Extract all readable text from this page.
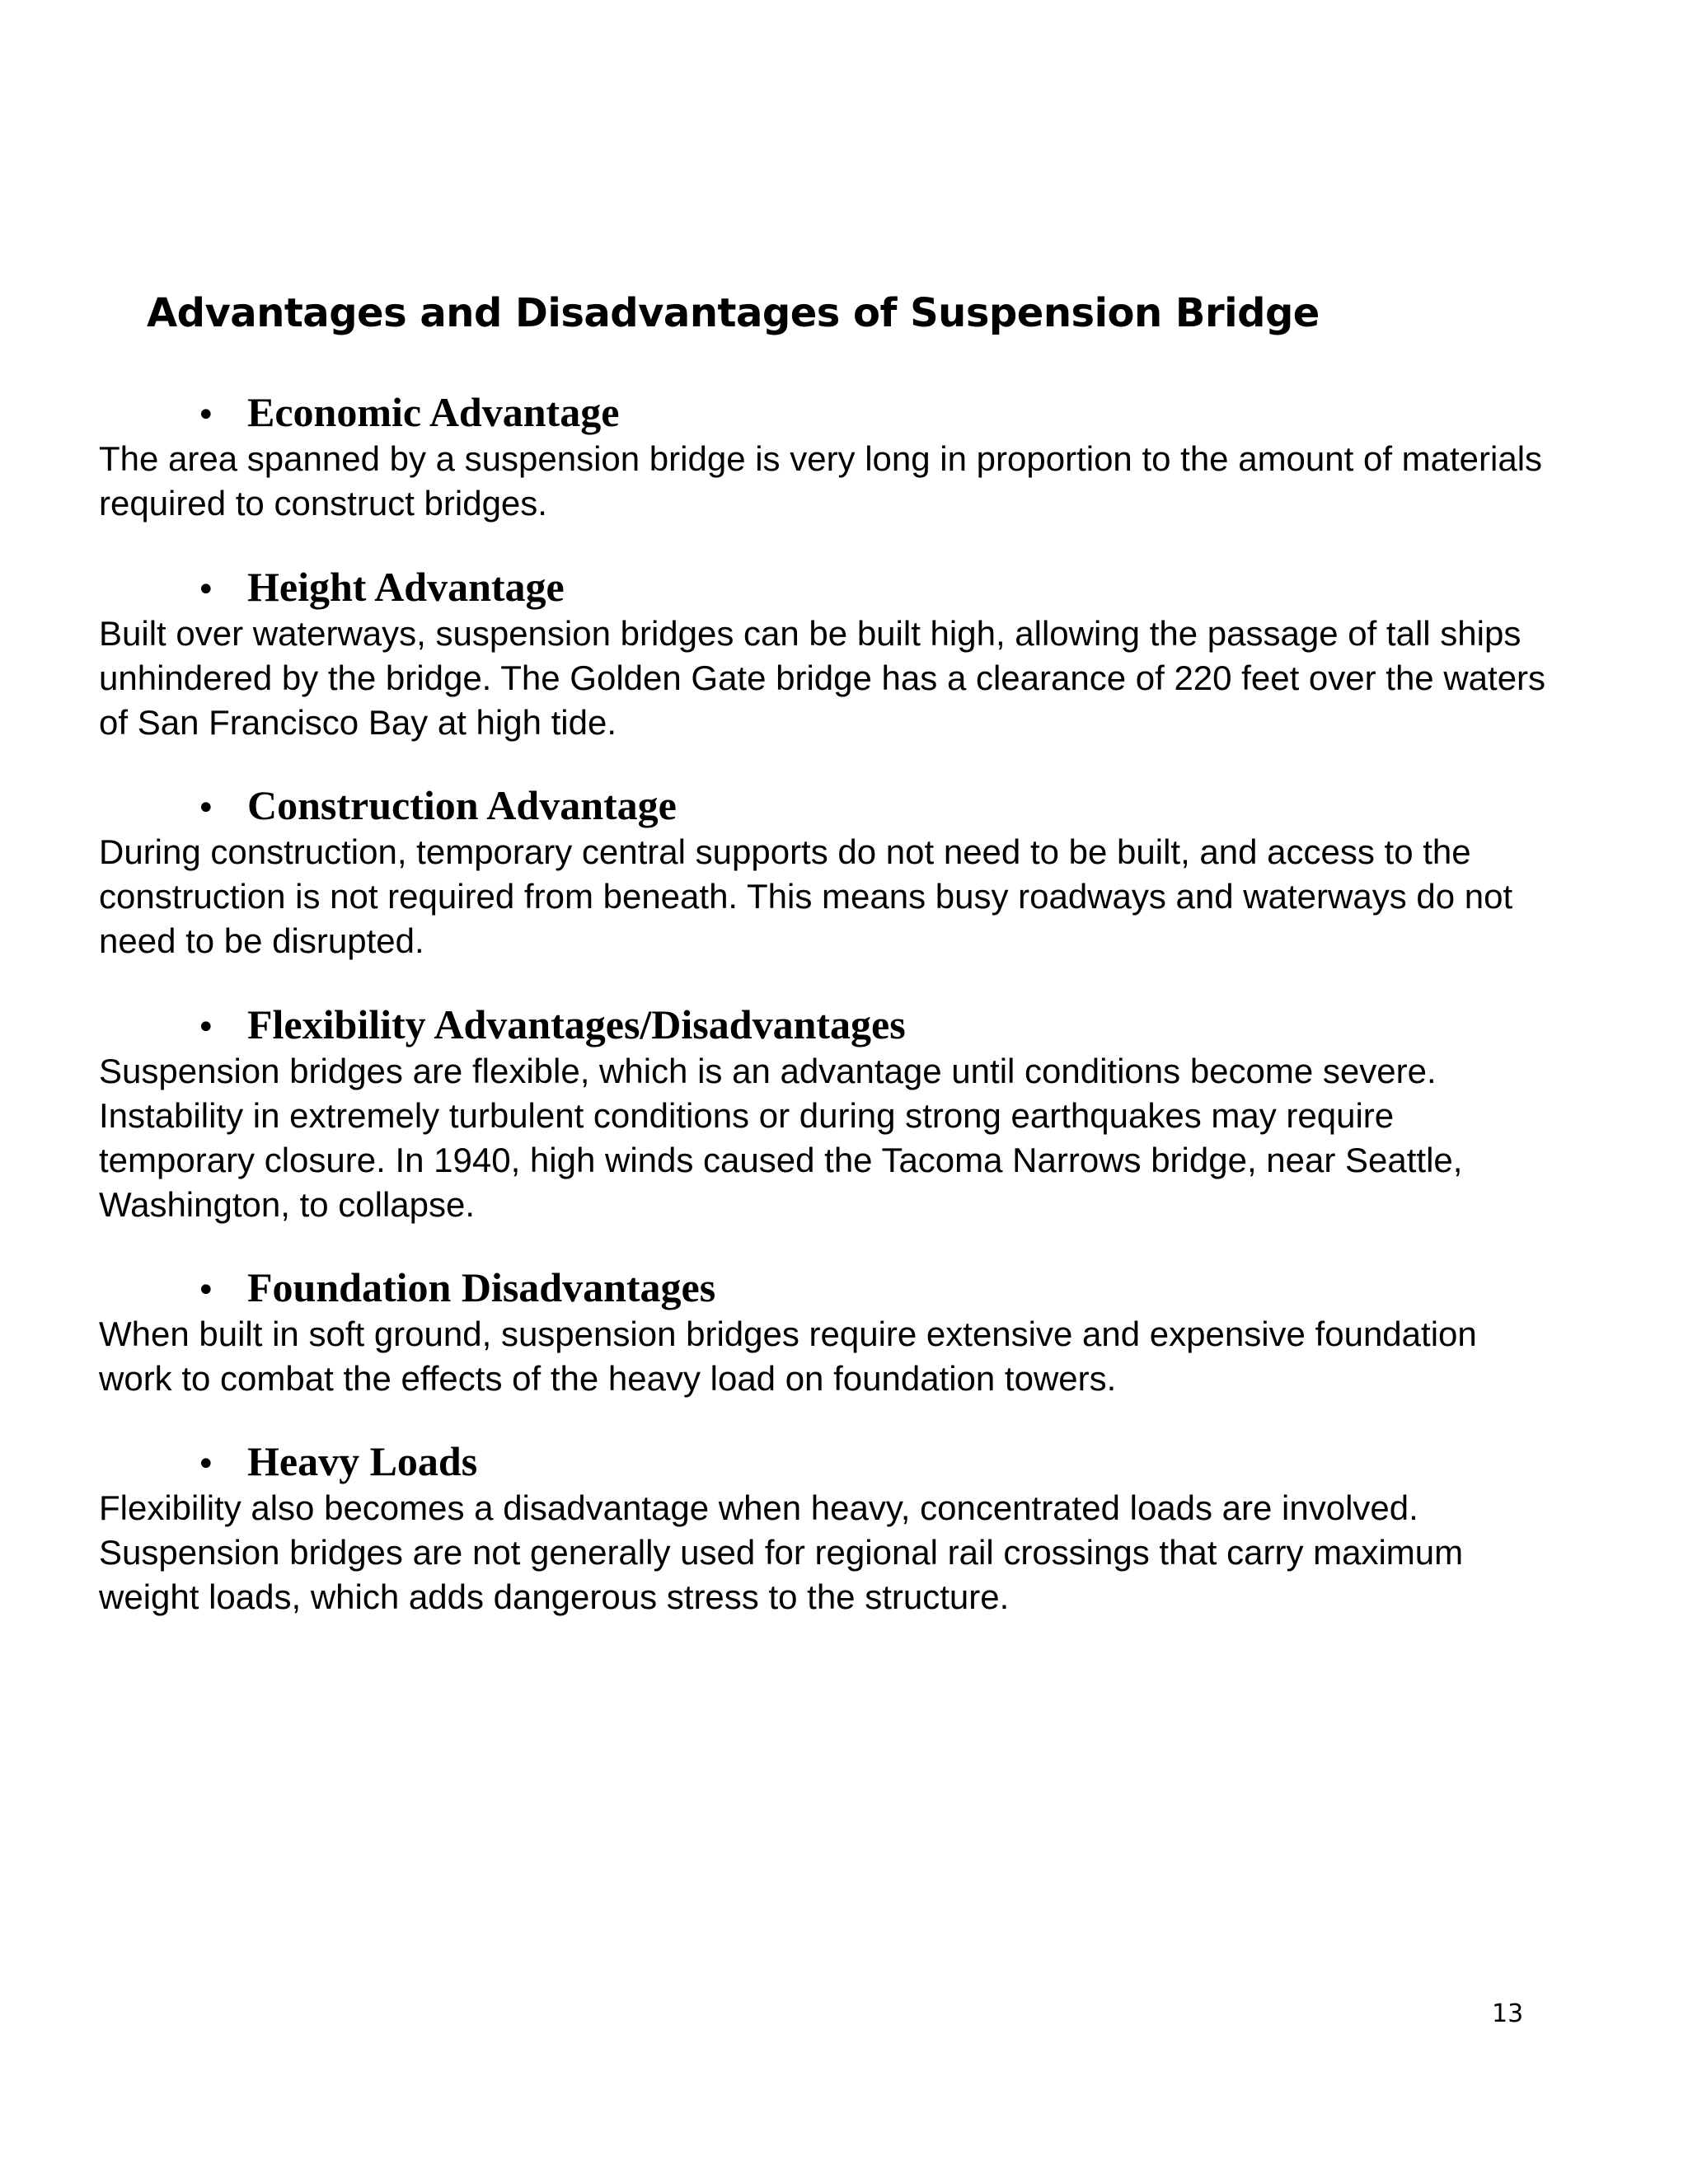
Advantages and Disadvantages of Suspension Bridge
• Economic Advantage

The area spanned by a suspension bridge is very long in proportion to the amount of materials required to construct bridges.

• Height Advantage

Built over waterways, suspension bridges can be built high, allowing the passage of tall ships unhindered by the bridge. The Golden Gate bridge has a clearance of 220 feet over the waters of San Francisco Bay at high tide.

• Construction Advantage

During construction, temporary central supports do not need to be built, and access to the construction is not required from beneath. This means busy roadways and waterways do not need to be disrupted.

• Flexibility Advantages/Disadvantages

Suspension bridges are flexible, which is an advantage until conditions become severe. Instability in extremely turbulent conditions or during strong earthquakes may require temporary closure. In 1940, high winds caused the Tacoma Narrows bridge, near Seattle, Washington, to collapse.

• Foundation Disadvantages

When built in soft ground, suspension bridges require extensive and expensive foundation work to combat the effects of the heavy load on foundation towers.

• Heavy Loads

Flexibility also becomes a disadvantage when heavy, concentrated loads are involved. Suspension bridges are not generally used for regional rail crossings that carry maximum weight loads, which adds dangerous stress to the structure.

13
